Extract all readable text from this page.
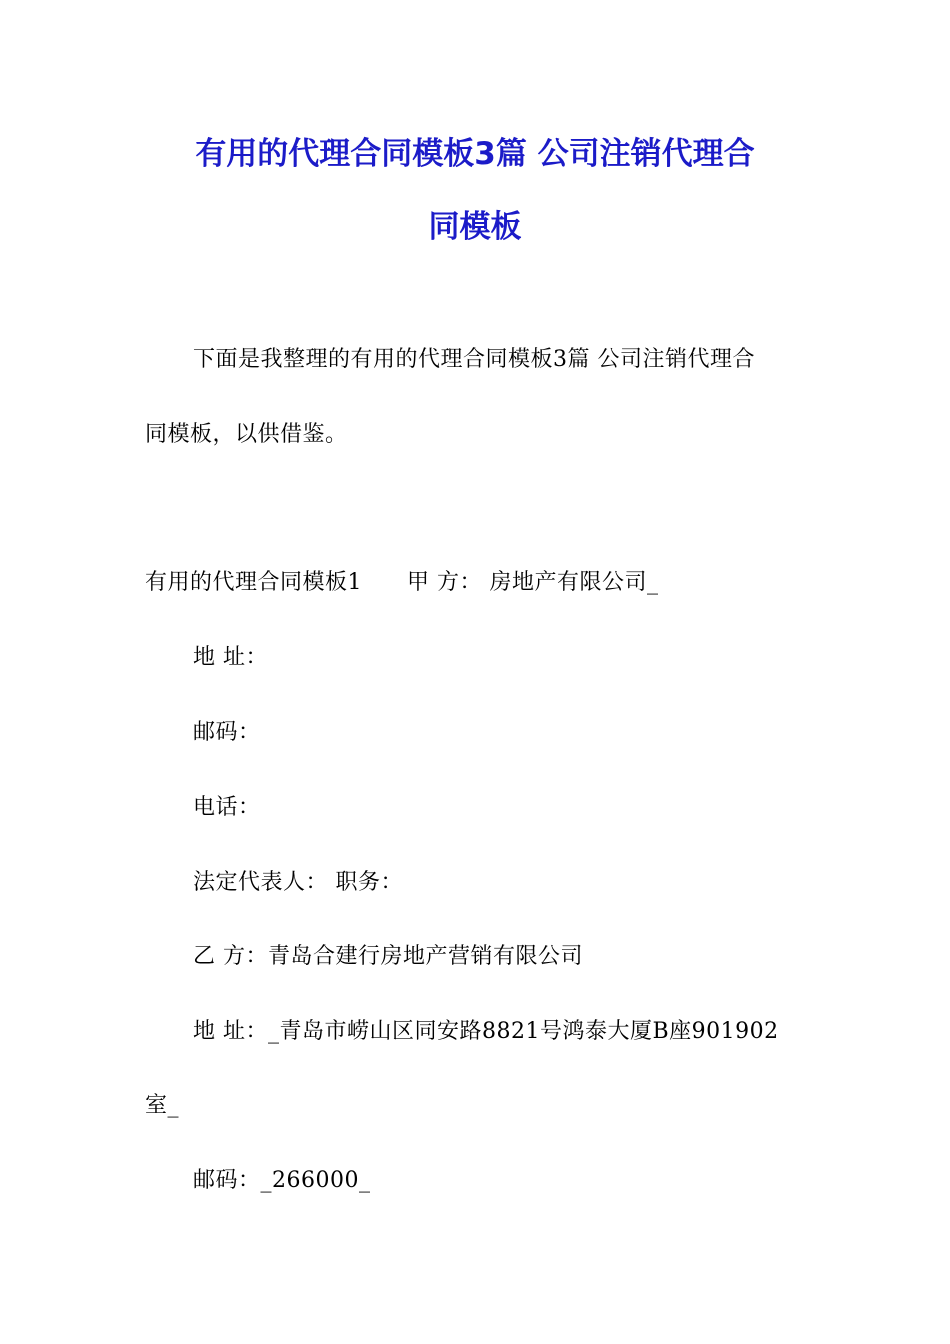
有用的代理合同模板3篇 公司注销代理合
同模板
下面是我整理的有用的代理合同模板3篇 公司注销代理合
同模板，以供借鉴。
有用的代理合同模板1　　甲 方： 房地产有限公司_
地 址：
邮码：
电话：
法定代表人： 职务：
乙 方：青岛合建行房地产营销有限公司
地 址：_青岛市崂山区同安路8821号鸿泰大厦B座901902
室_
邮码：_266000_
